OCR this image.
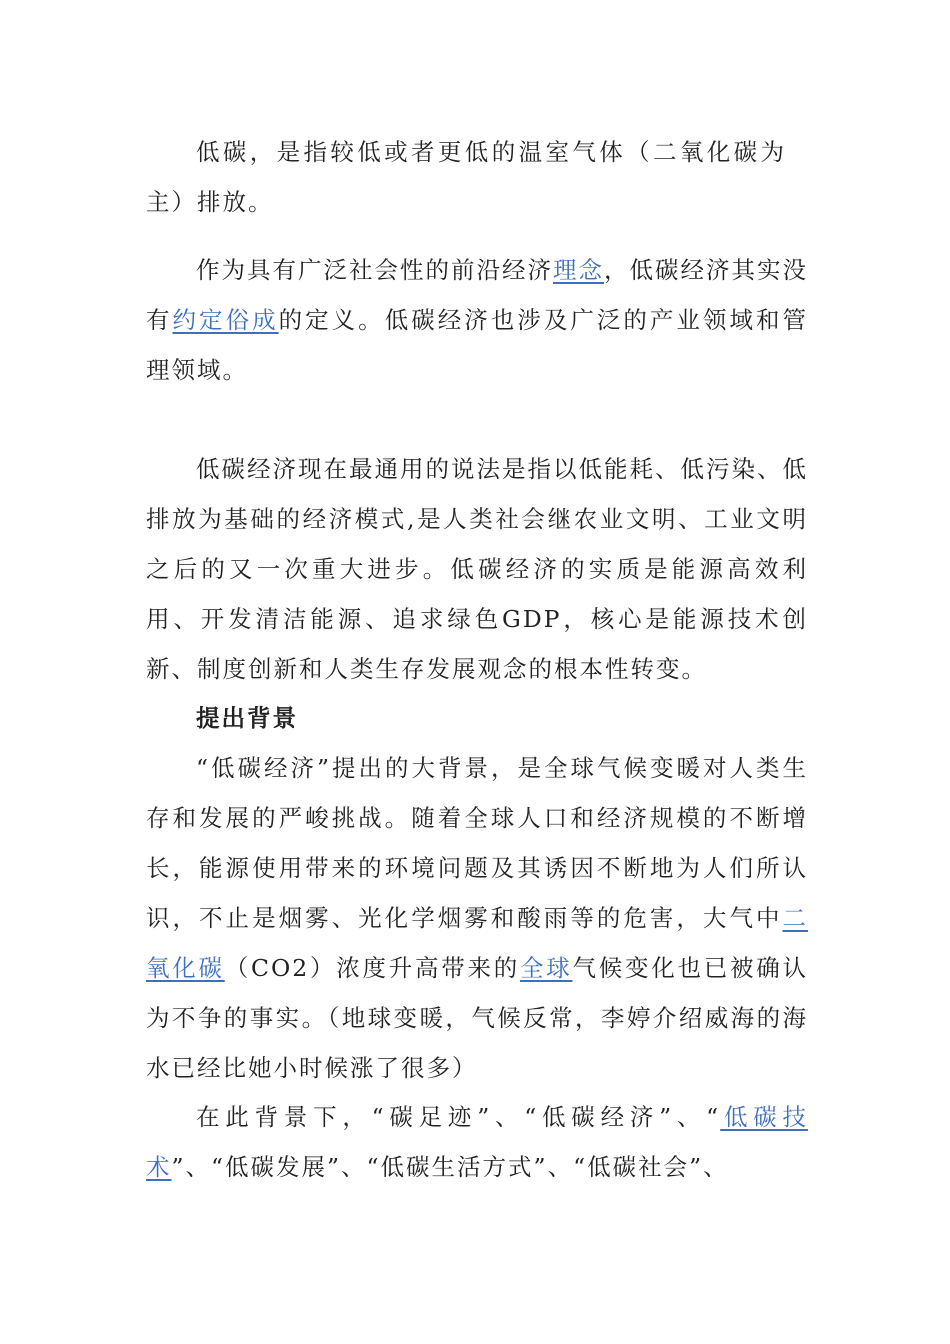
低碳，是指较低或者更低的温室气体（二氧化碳为主）排放。

作为具有广泛社会性的前沿经济理念，低碳经济其实没有约定俗成的定义。低碳经济也涉及广泛的产业领域和管理领域。

低碳经济现在最通用的说法是指以低能耗、低污染、低排放为基础的经济模式,是人类社会继农业文明、工业文明之后的又一次重大进步。低碳经济的实质是能源高效利用、开发清洁能源、追求绿色GDP，核心是能源技术创新、制度创新和人类生存发展观念的根本性转变。

提出背景

“低碳经济”提出的大背景，是全球气候变暖对人类生存和发展的严峻挑战。随着全球人口和经济规模的不断增长，能源使用带来的环境问题及其诱因不断地为人们所认识，不止是烟雾、光化学烟雾和酸雨等的危害，大气中二氧化碳（CO2）浓度升高带来的全球气候变化也已被确认为不争的事实。（地球变暖，气候反常，李婷介绍威海的海水已经比她小时候涨了很多）

在此背景下，“碳足迹”、“低碳经济”、“低碳技术”、“低碳发展”、“低碳生活方式”、“低碳社会”、
